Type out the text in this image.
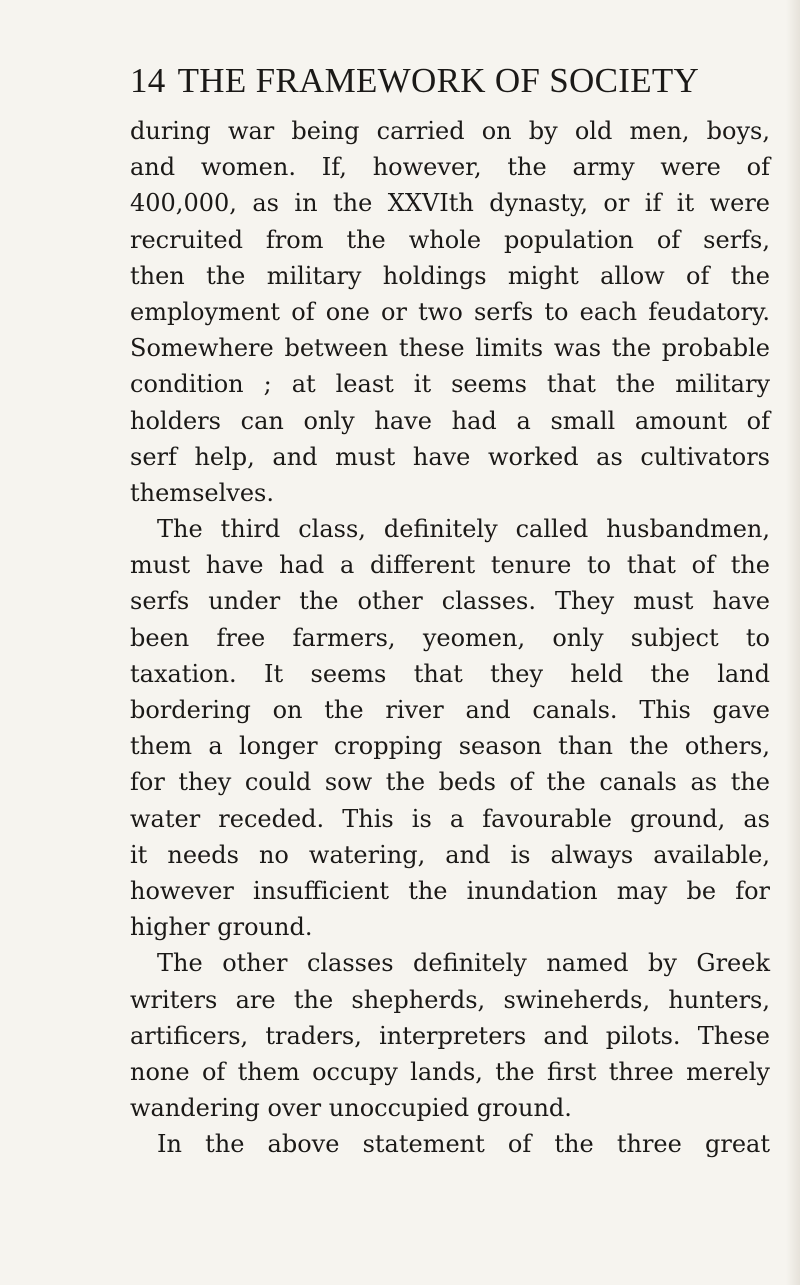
14 THE FRAMEWORK OF SOCIETY
during war being carried on by old men, boys,
and women. If, however, the army were of
400,000, as in the XXVIth dynasty, or if it were
recruited from the whole population of serfs,
then the military holdings might allow of the
employment of one or two serfs to each feudatory.
Somewhere between these limits was the probable
condition ; at least it seems that the military
holders can only have had a small amount of
serf help, and must have worked as cultivators
themselves.
The third class, definitely called husbandmen,
must have had a different tenure to that of the
serfs under the other classes. They must have
been free farmers, yeomen, only subject to
taxation. It seems that they held the land
bordering on the river and canals. This gave
them a longer cropping season than the others,
for they could sow the beds of the canals as the
water receded. This is a favourable ground, as
it needs no watering, and is always available,
however insufficient the inundation may be for
higher ground.
The other classes definitely named by Greek
writers are the shepherds, swineherds, hunters,
artificers, traders, interpreters and pilots. These
none of them occupy lands, the first three merely
wandering over unoccupied ground.
In the above statement of the three great
